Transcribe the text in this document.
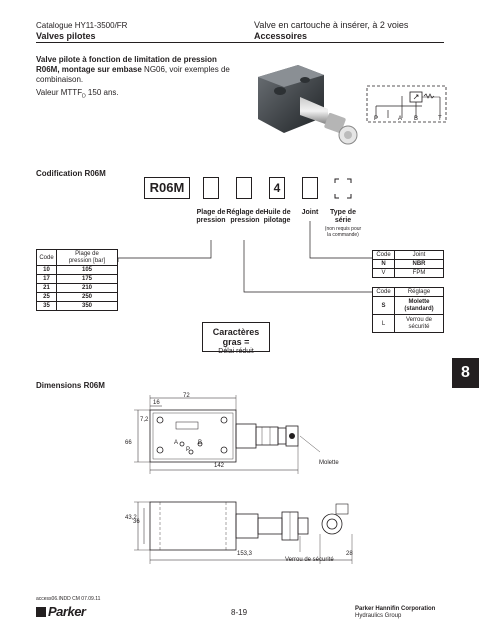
Catalogue HY11-3500/FR
Valves pilotes
Valve en cartouche à insérer, à 2 voies
Accessoires
Valve pilote à fonction de limitation de pression
R06M, montage sur embase NG06, voir exemples de
combinaison.
Valeur $MTTF_D$ 150 ans.
P	A B	T
Codification R06M
R06M	4
Plage de
pression
Réglage de
pression
Huile de
pilotage
Joint	Type de
série
(non requis pour
la commande)
Code	Plage de
pression [bar]

10	105
17	175
21	210
25	250
35	350
Code	Joint
N	NBR
V	FPM
Code	Réglage
S	Molette
(standard)

L	Verrou de
sécurité
Caractères gras =
Délai réduit
8
Dimensions R06M
72
16
66
7,2
142	Molette
A	B
P
43,2
36
153,3	28
Verrou de sécurité
access06.INDD CM 07.09.11
Parker	8-19	Parker Hannifin Corporation
Hydraulics Group
